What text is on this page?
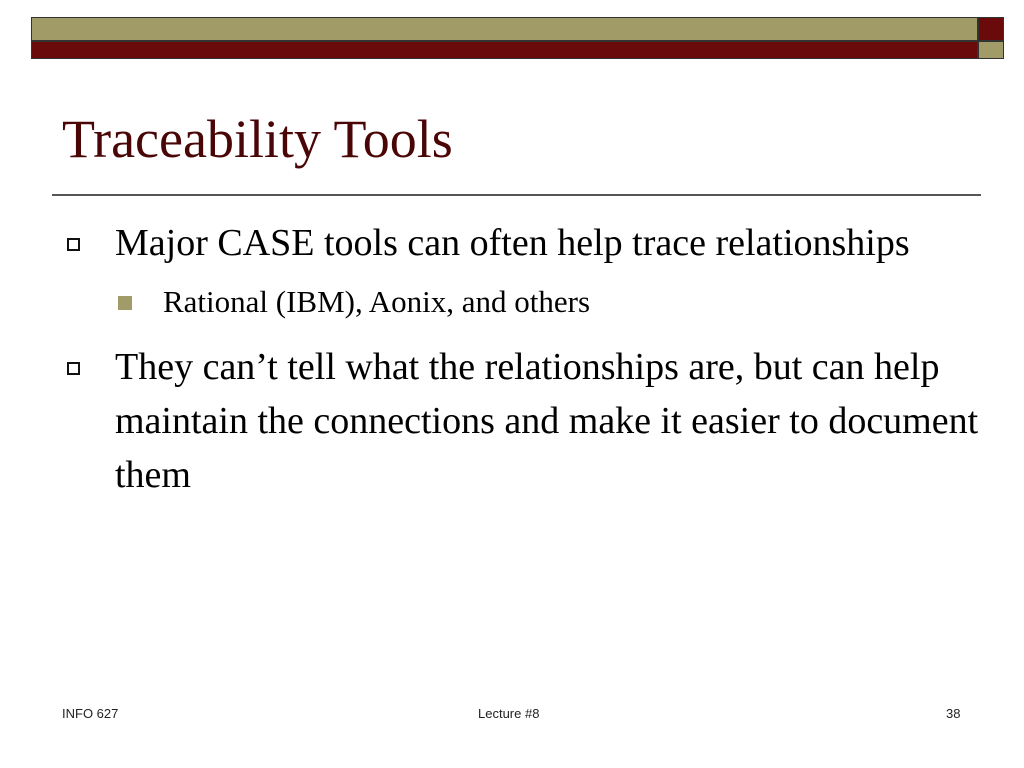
Traceability Tools
Major CASE tools can often help trace relationships
Rational (IBM), Aonix, and others
They can’t tell what the relationships are, but can help maintain the connections and make it easier to document them
INFO 627	Lecture #8	38
